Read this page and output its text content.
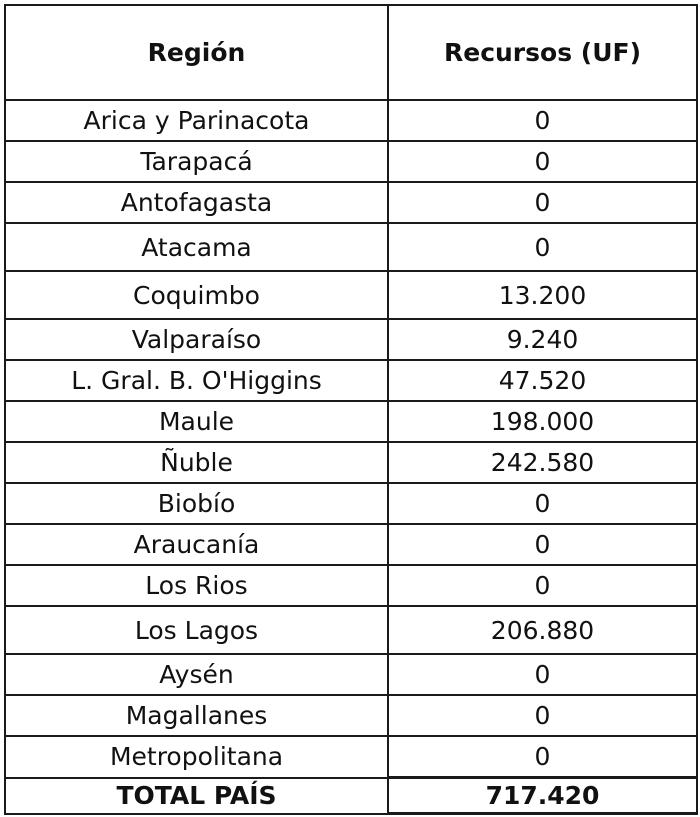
Región	Recursos (UF)
Arica y Parinacota	0
Tarapacá	0
Antofagasta	0
Atacama	0
Coquimbo	13.200
Valparaíso	9.240
L. Gral. B. O'Higgins	47.520
Maule	198.000
Ñuble	242.580
Biobío	0
Araucanía	0
Los Rios	0
Los Lagos	206.880
Aysén	0
Magallanes	0
Metropolitana	0
TOTAL PAÍS	717.420
